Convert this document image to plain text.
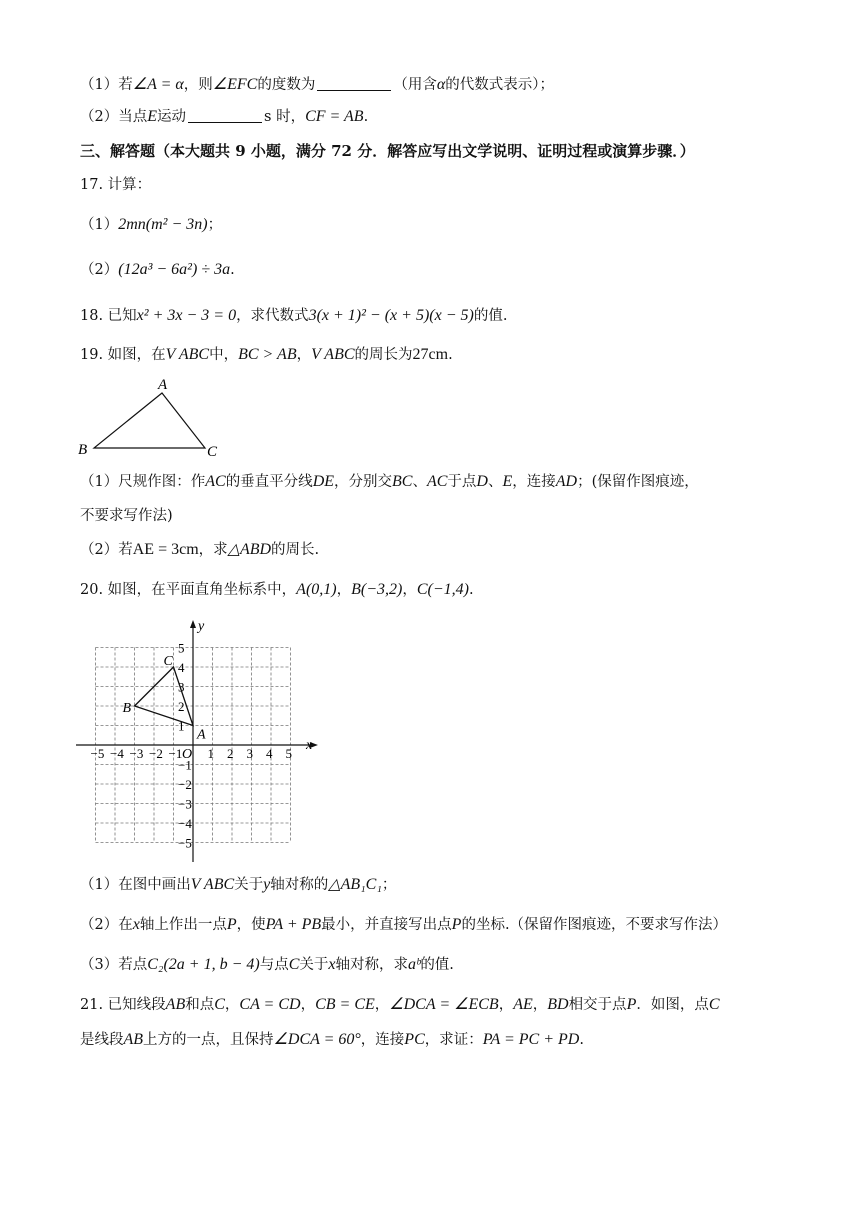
（1）若∠A = α，则∠EFC的度数为	（用含α的代数式表示）；
（2）当点E运动	s 时，CF = AB.
三、解答题（本大题共 9 小题，满分 72 分．解答应写出文学说明、证明过程或演算步骤．）
17. 计算：
（1）2mn(m² − 3n)；
（2）(12a³ − 6a²) ÷ 3a.
18. 已知x² + 3x − 3 = 0，求代数式3(x + 1)² − (x + 5)(x − 5)的值.
19. 如图，在V ABC中，BC > AB，V ABC的周长为27cm.
A
B	C
（1）尺规作图：作AC的垂直平分线DE，分别交BC、AC于点D、E，连接AD；(保留作图痕迹，
不要求写作法)
（2）若AE = 3cm，求△ABD的周长.
20. 如图，在平面直角坐标系中，A(0,1)，B(−3,2)，C(−1,4).
−5 −4 −3 −2 −1 1 2 3 4 5
5
4
3
2
1
−1
−2
−3
−4
−5
x
y
O
A
B
C
（1）在图中画出V ABC关于y轴对称的△AB₁C₁；
（2）在x轴上作出一点P，使PA + PB最小，并直接写出点P的坐标.（保留作图痕迹，不要求写作法）
（3）若点C₂(2a + 1, b − 4)与点C关于x轴对称，求aᵇ的值.
21. 已知线段AB和点C，CA = CD，CB = CE，∠DCA = ∠ECB，AE，BD相交于点P．如图，点C
是线段AB上方的一点，且保持∠DCA = 60°，连接PC，求证：PA = PC + PD.
